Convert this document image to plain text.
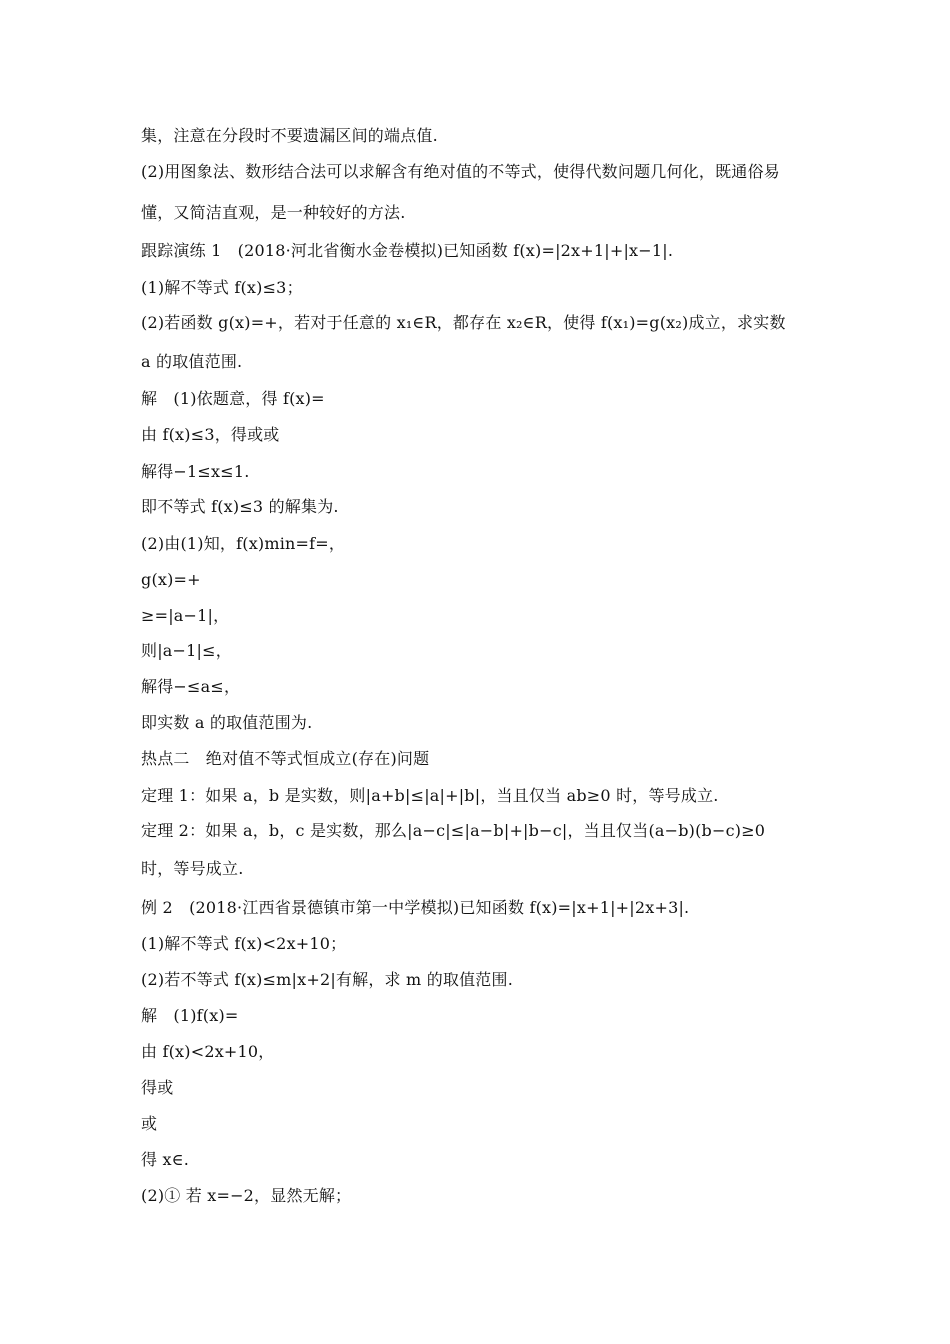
集，注意在分段时不要遗漏区间的端点值.
(2)用图象法、数形结合法可以求解含有绝对值的不等式，使得代数问题几何化，既通俗易
懂，又简洁直观，是一种较好的方法.
跟踪演练 1　(2018·河北省衡水金卷模拟)已知函数 f(x)=|2x+1|+|x−1|.
(1)解不等式 f(x)≤3；
(2)若函数 g(x)=+，若对于任意的 x₁∈R，都存在 x₂∈R，使得 f(x₁)=g(x₂)成立，求实数
a 的取值范围.
解　(1)依题意，得 f(x)=
由 f(x)≤3，得或或
解得−1≤x≤1.
即不等式 f(x)≤3 的解集为.
(2)由(1)知，f(x)min=f=，
g(x)=+
≥=|a−1|，
则|a−1|≤，
解得−≤a≤，
即实数 a 的取值范围为.
热点二　绝对值不等式恒成立(存在)问题
定理 1：如果 a，b 是实数，则|a+b|≤|a|+|b|，当且仅当 ab≥0 时，等号成立.
定理 2：如果 a，b，c 是实数，那么|a−c|≤|a−b|+|b−c|，当且仅当(a−b)(b−c)≥0
时，等号成立.
例 2　(2018·江西省景德镇市第一中学模拟)已知函数 f(x)=|x+1|+|2x+3|.
(1)解不等式 f(x)<2x+10；
(2)若不等式 f(x)≤m|x+2|有解，求 m 的取值范围.
解　(1)f(x)=
由 f(x)<2x+10，
得或
或
得 x∈.
(2)① 若 x=−2，显然无解；
